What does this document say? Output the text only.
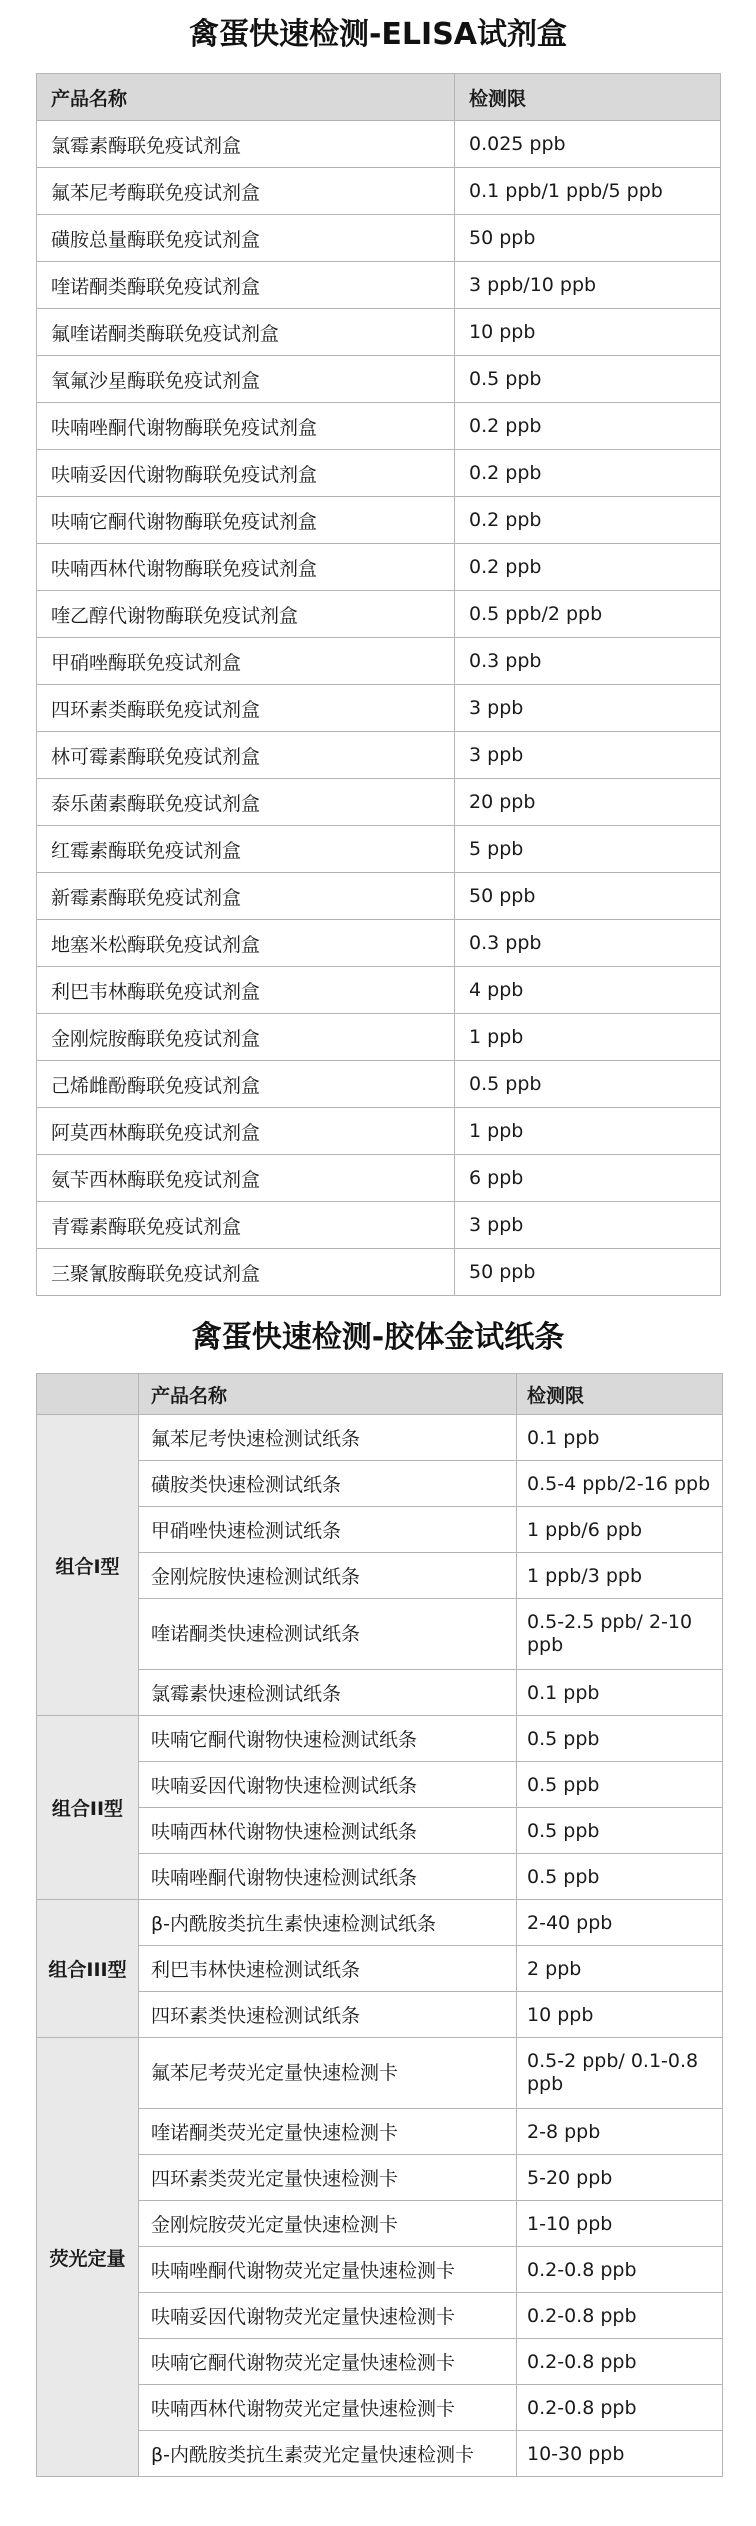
禽蛋快速检测-ELISA试剂盒
产品名称	检测限
氯霉素酶联免疫试剂盒	0.025 ppb
氟苯尼考酶联免疫试剂盒	0.1 ppb/1 ppb/5 ppb
磺胺总量酶联免疫试剂盒	50 ppb
喹诺酮类酶联免疫试剂盒	3 ppb/10 ppb
氟喹诺酮类酶联免疫试剂盒	10 ppb
氧氟沙星酶联免疫试剂盒	0.5 ppb
呋喃唑酮代谢物酶联免疫试剂盒	0.2 ppb
呋喃妥因代谢物酶联免疫试剂盒	0.2 ppb
呋喃它酮代谢物酶联免疫试剂盒	0.2 ppb
呋喃西林代谢物酶联免疫试剂盒	0.2 ppb
喹乙醇代谢物酶联免疫试剂盒	0.5 ppb/2 ppb
甲硝唑酶联免疫试剂盒	0.3 ppb
四环素类酶联免疫试剂盒	3 ppb
林可霉素酶联免疫试剂盒	3 ppb
泰乐菌素酶联免疫试剂盒	20 ppb
红霉素酶联免疫试剂盒	5 ppb
新霉素酶联免疫试剂盒	50 ppb
地塞米松酶联免疫试剂盒	0.3 ppb
利巴韦林酶联免疫试剂盒	4 ppb
金刚烷胺酶联免疫试剂盒	1 ppb
己烯雌酚酶联免疫试剂盒	0.5 ppb
阿莫西林酶联免疫试剂盒	1 ppb
氨苄西林酶联免疫试剂盒	6 ppb
青霉素酶联免疫试剂盒	3 ppb
三聚氰胺酶联免疫试剂盒	50 ppb
禽蛋快速检测-胶体金试纸条
	产品名称	检测限
组合I型	氟苯尼考快速检测试纸条	0.1 ppb
	磺胺类快速检测试纸条	0.5-4 ppb/2-16 ppb
	甲硝唑快速检测试纸条	1 ppb/6 ppb
	金刚烷胺快速检测试纸条	1 ppb/3 ppb
	喹诺酮类快速检测试纸条	0.5-2.5 ppb/ 2-10 ppb
	氯霉素快速检测试纸条	0.1 ppb
组合II型	呋喃它酮代谢物快速检测试纸条	0.5 ppb
	呋喃妥因代谢物快速检测试纸条	0.5 ppb
	呋喃西林代谢物快速检测试纸条	0.5 ppb
	呋喃唑酮代谢物快速检测试纸条	0.5 ppb
组合III型	β-内酰胺类抗生素快速检测试纸条	2-40 ppb
	利巴韦林快速检测试纸条	2 ppb
	四环素类快速检测试纸条	10 ppb
荧光定量	氟苯尼考荧光定量快速检测卡	0.5-2 ppb/ 0.1-0.8 ppb
	喹诺酮类荧光定量快速检测卡	2-8 ppb
	四环素类荧光定量快速检测卡	5-20 ppb
	金刚烷胺荧光定量快速检测卡	1-10 ppb
	呋喃唑酮代谢物荧光定量快速检测卡	0.2-0.8 ppb
	呋喃妥因代谢物荧光定量快速检测卡	0.2-0.8 ppb
	呋喃它酮代谢物荧光定量快速检测卡	0.2-0.8 ppb
	呋喃西林代谢物荧光定量快速检测卡	0.2-0.8 ppb
	β-内酰胺类抗生素荧光定量快速检测卡	10-30 ppb
